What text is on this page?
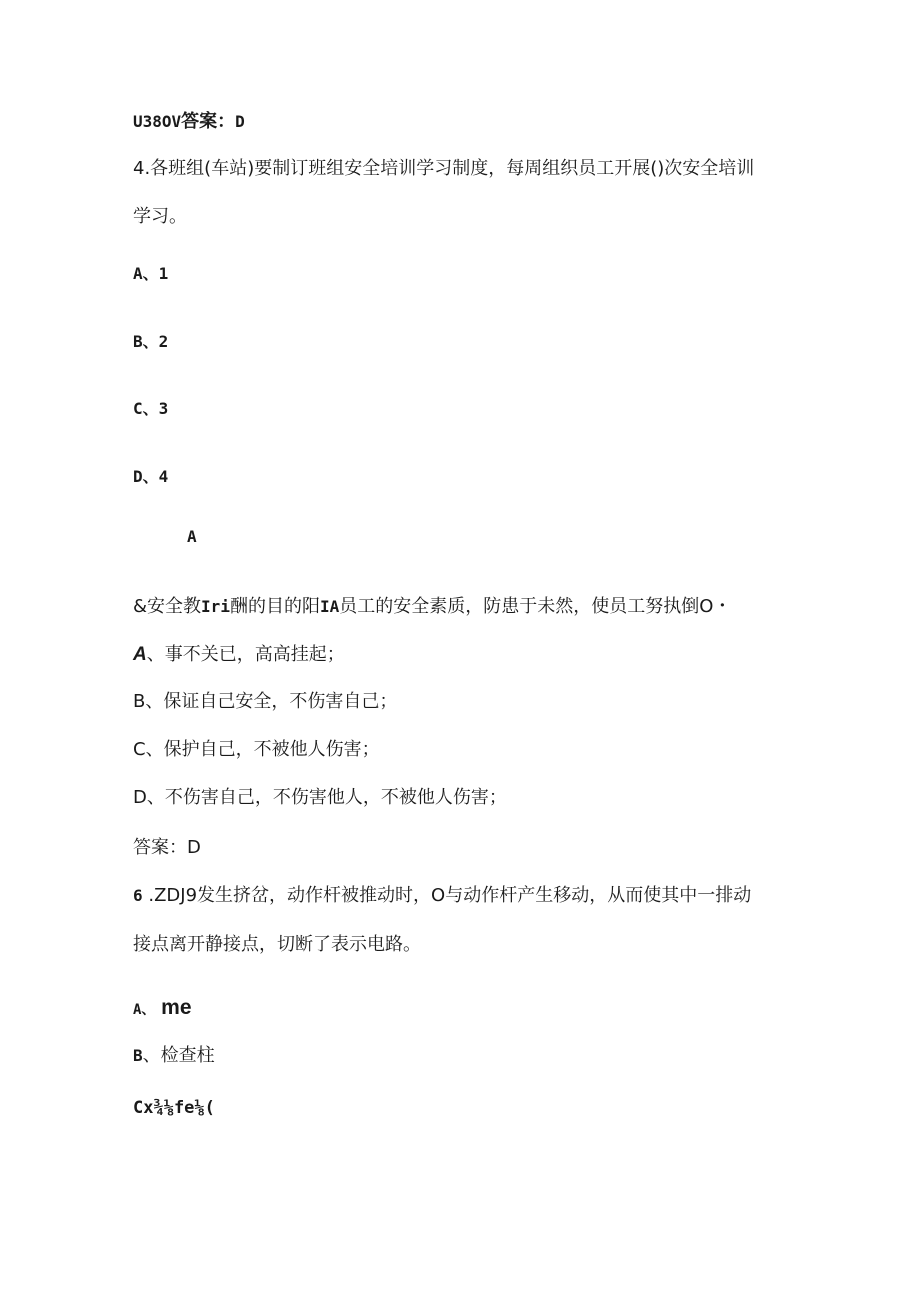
U38OV答案：D
4.各班组(车站)要制订班组安全培训学习制度，每周组织员工开展()次安全培训
学习。
A、1
B、2
C、3
D、4
A
&安全教Iri酬的目的阳IA员工的安全素质，防患于未然，使员工努执倒O・
A、事不关已，高高挂起；
B、保证自己安全，不伤害自己；
C、保护自己，不被他人伤害；
D、不伤害自己，不伤害他人，不被他人伤害；
答案：D
6 .ZDJ9发生挤岔，动作杆被推动时，O与动作杆产生移动，从而使其中一排动
接点离开静接点，切断了表示电路。
A、 me
B、检查柱
Cx¾⅛fe⅛(
